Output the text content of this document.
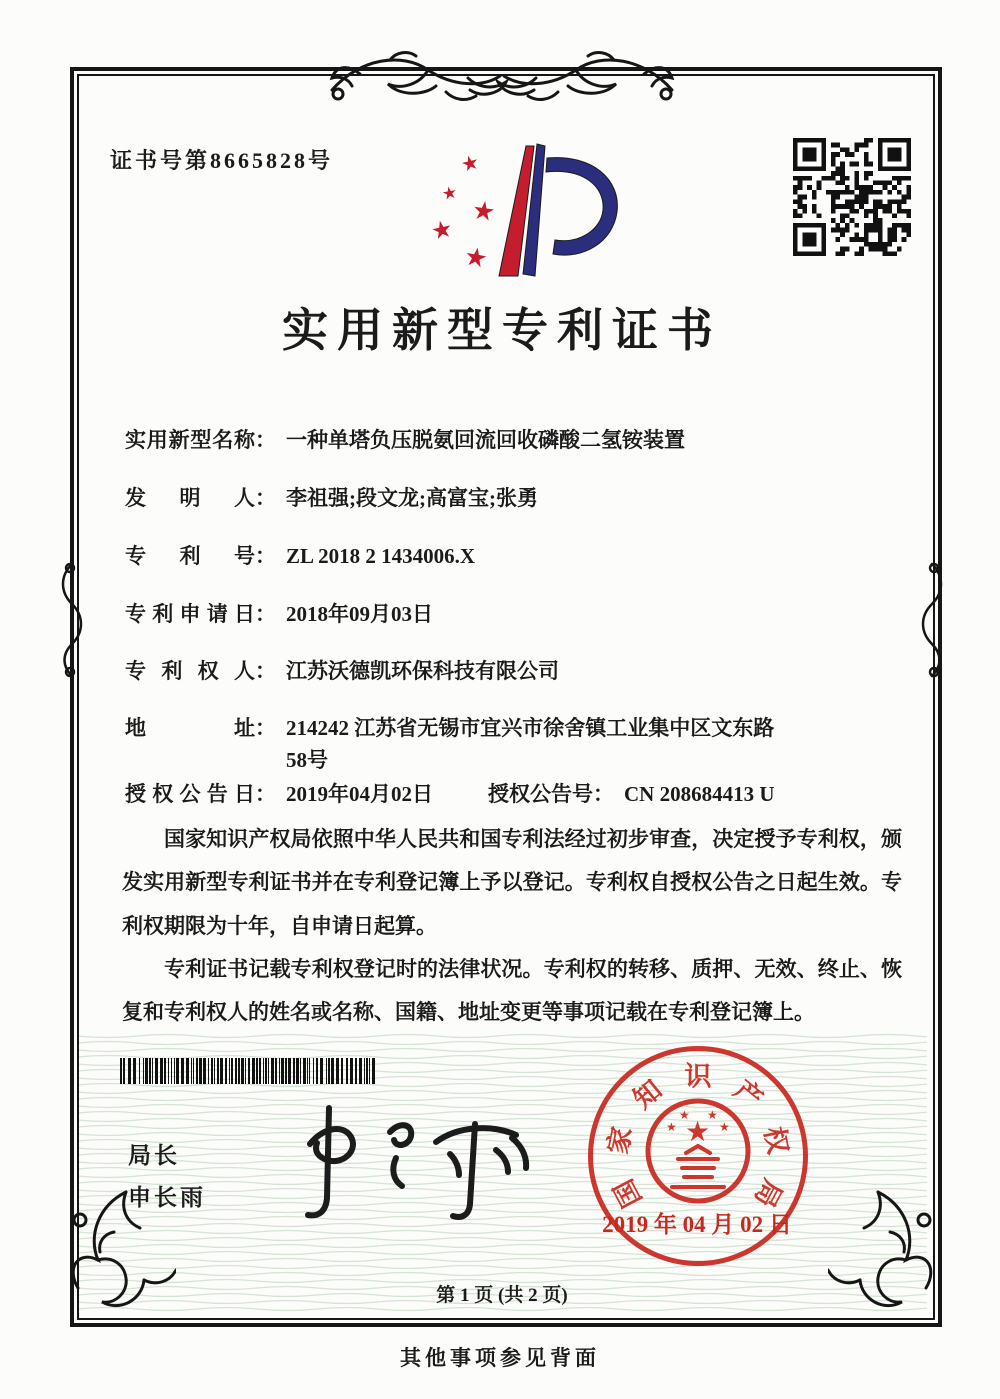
证书号第8665828号	★
★
★
★
★
实用新型专利证书
实用新型名称： 一种单塔负压脱氨回流回收磷酸二氢铵装置
发明人： 李祖强;段文龙;高富宝;张勇
专利号： ZL 2018 2 1434006.X
专利申请日： 2018年09月03日
专利权人： 江苏沃德凯环保科技有限公司
地址： 214242 江苏省无锡市宜兴市徐舍镇工业集中区文东路58号
授权公告日： 2019年04月02日	授权公告号： CN 208684413 U

国家知识产权局依照中华人民共和国专利法经过初步审查，决定授予专利权，颁发实用新型专利证书并在专利登记簿上予以登记。专利权自授权公告之日起生效。专利权期限为十年，自申请日起算。

专利证书记载专利权登记时的法律状况。专利权的转移、质押、无效、终止、恢复和专利权人的姓名或名称、国籍、地址变更等事项记载在专利登记簿上。

局长
申长雨
★
★
★ ★
★
国
家
知 识 产
权
局
2019 年 04 月 02 日
第 1 页 (共 2 页)
其他事项参见背面
